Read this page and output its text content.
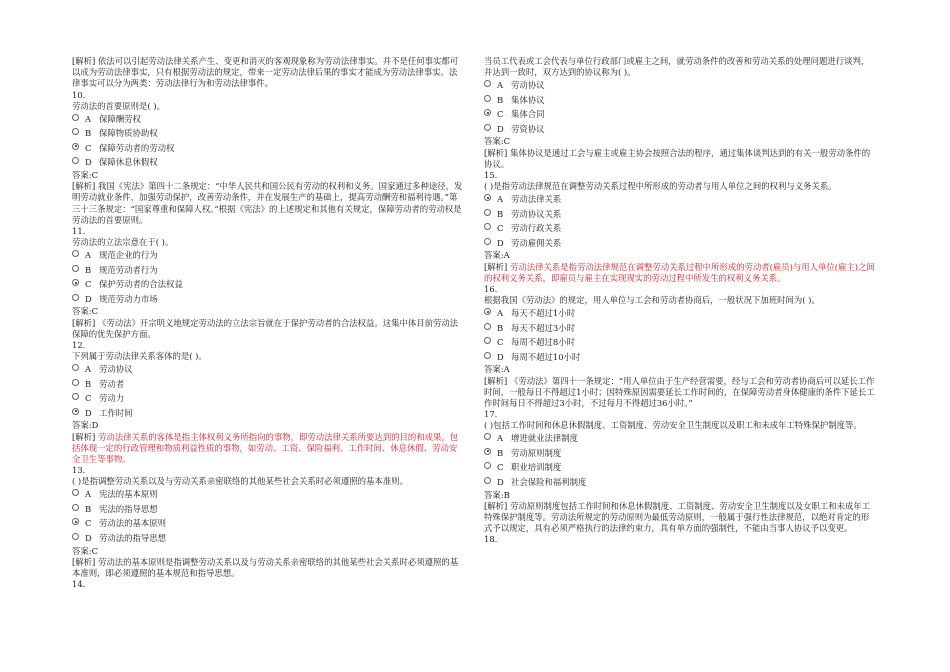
[解析] 依法可以引起劳动法律关系产生、变更和消灭的客观现象称为劳动法律事实。并不是任何事实都可以成为劳动法律事实，只有根据劳动法的规定，带来一定劳动法律后果的事实才能成为劳动法律事实。法律事实可以分为两类：劳动法律行为和劳动法律事件。

10.

劳动法的首要原则是( )。

A 保障酬劳权
B 保障物质协助权
C 保障劳动者的劳动权
D 保障休息休假权

答案:C

[解析] 我国《宪法》第四十二条规定：“中华人民共和国公民有劳动的权利和义务。国家通过多种途径，发明劳动就业条件，加强劳动保护，改善劳动条件，并在发展生产的基础上，提高劳动酬劳和福利待遇。”第三十三条规定：“国家尊重和保障人权。”根据《宪法》的上述规定和其他有关规定，保障劳动者的劳动权是劳动法的首要原则。

11.

劳动法的立法宗意在于( )。

A 规范企业的行为
B 规范劳动者行为
C 保护劳动者的合法权益
D 规范劳动力市场

答案:C

[解析] 《劳动法》开宗明义地规定劳动法的立法宗旨就在于保护劳动者的合法权益。这集中体目前劳动法保障的优先保护方面。

12.

下列属于劳动法律关系客体的是( )。

A 劳动协议
B 劳动者
C 劳动力
D 工作时间

答案:D

[解析] 劳动法律关系的客体是指主体权利义务所指向的事物，即劳动法律关系所要达到的目的和成果。包括体现一定的行政管理和物质利益性质的事物，如劳动、工资、保险福利、工作时间、休息休假、劳动安全卫生等事物。

13.

( )是指调整劳动关系以及与劳动关系亲密联络的其他某些社会关系时必须遵照的基本准则。

A 宪法的基本原则
B 宪法的指导思想
C 劳动法的基本原则
D 劳动法的指导思想

答案:C

[解析] 劳动法的基本原则是指调整劳动关系以及与劳动关系亲密联络的其他某些社会关系时必须遵照的基本准则，即必须遵照的基本规范和指导思想。

14.

当员工代表或工会代表与单位行政部门或雇主之间，就劳动条件的改善和劳动关系的处理问题进行谈判，并达到一致时，双方达到的协议称为( )。

A 劳动协议
B 集体协议
C 集体合同
D 劳资协议

答案:C

[解析] 集体协议是通过工会与雇主或雇主协会按照合法的程序，通过集体谈判达到的有关一般劳动条件的协议。

15.

( )是指劳动法律规范在调整劳动关系过程中所形成的劳动者与用人单位之间的权利与义务关系。

A 劳动法律关系
B 劳动协议关系
C 劳动行政关系
D 劳动雇佣关系

答案:A

[解析] 劳动法律关系是指劳动法律规范在调整劳动关系过程中所形成的劳动者(雇员)与用人单位(雇主)之间的权利义务关系，即雇员与雇主在实现现实的劳动过程中所发生的权利义务关系。

16.

根据我国《劳动法》的规定，用人单位与工会和劳动者协商后，一般状况下加班时间为( )。

A 每天不超过1小时
B 每天不超过3小时
C 每周不超过8小时
D 每周不超过10小时

答案:A

[解析] 《劳动法》第四十一条规定：“用人单位由于生产经营需要，经与工会和劳动者协商后可以延长工作时间，一般每日不得超过1小时；因特殊原因需要延长工作时间的，在保障劳动者身体健康的条件下延长工作时间每日不得超过3小时，不过每月不得超过36小时。”

17.

( )包括工作时间和休息休假制度、工资制度、劳动安全卫生制度以及职工和未成年工特殊保护制度等。

A 增进就业法律制度
B 劳动原则制度
C 职业培训制度
D 社会保险和福利制度

答案:B

[解析] 劳动原则制度包括工作时间和休息休假制度、工资制度、劳动安全卫生制度以及女职工和未成年工特殊保护制度等。劳动法所规定的劳动原则为最低劳动原则，一般属于强行性法律规范，以绝对肯定的形式予以规定，具有必须严格执行的法律约束力，具有单方面的强制性，不能由当事人协议予以变更。

18.
